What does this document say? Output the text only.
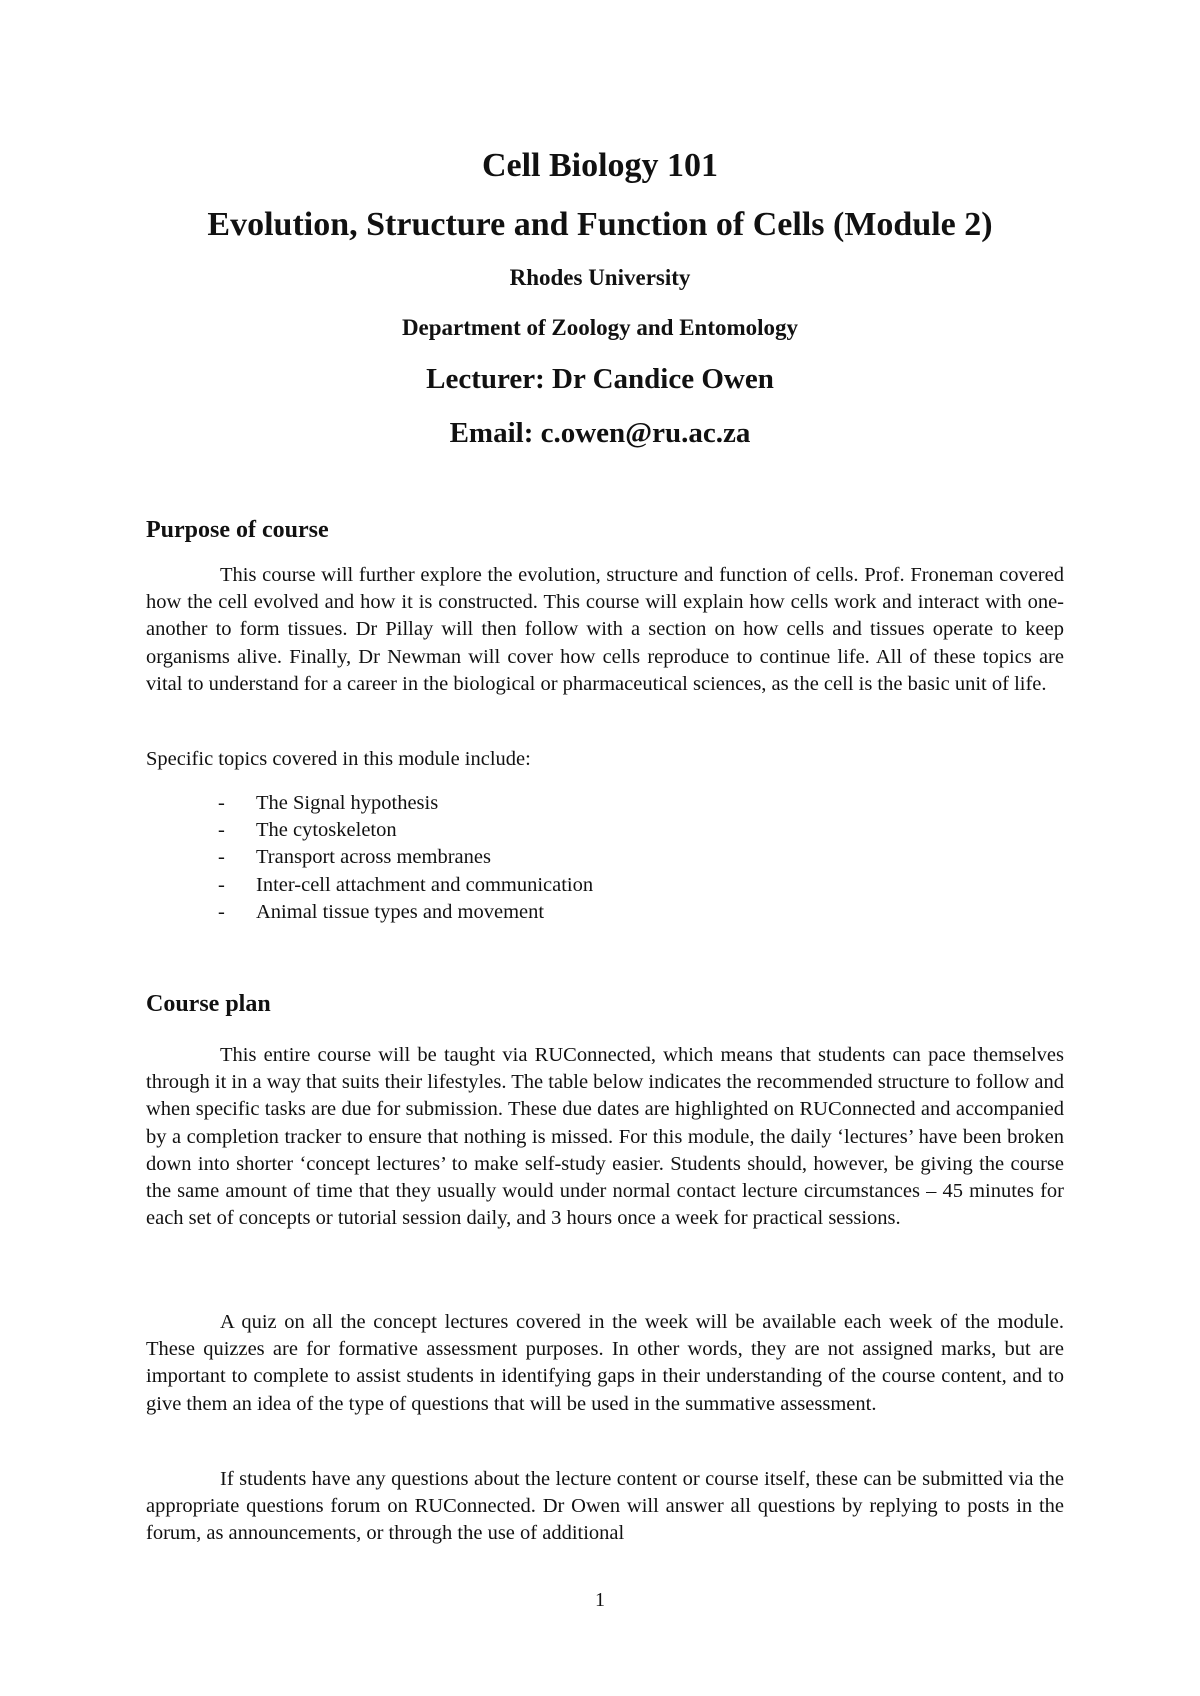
Cell Biology 101
Evolution, Structure and Function of Cells (Module 2)
Rhodes University
Department of Zoology and Entomology
Lecturer: Dr Candice Owen
Email: c.owen@ru.ac.za
Purpose of course

This course will further explore the evolution, structure and function of cells. Prof. Froneman covered how the cell evolved and how it is constructed. This course will explain how cells work and interact with one-another to form tissues. Dr Pillay will then follow with a section on how cells and tissues operate to keep organisms alive. Finally, Dr Newman will cover how cells reproduce to continue life. All of these topics are vital to understand for a career in the biological or pharmaceutical sciences, as the cell is the basic unit of life.

Specific topics covered in this module include:

- The Signal hypothesis
- The cytoskeleton
- Transport across membranes
- Inter-cell attachment and communication
- Animal tissue types and movement
Course plan

This entire course will be taught via RUConnected, which means that students can pace themselves through it in a way that suits their lifestyles. The table below indicates the recommended structure to follow and when specific tasks are due for submission. These due dates are highlighted on RUConnected and accompanied by a completion tracker to ensure that nothing is missed. For this module, the daily ‘lectures’ have been broken down into shorter ‘concept lectures’ to make self-study easier. Students should, however, be giving the course the same amount of time that they usually would under normal contact lecture circumstances – 45 minutes for each set of concepts or tutorial session daily, and 3 hours once a week for practical sessions.

A quiz on all the concept lectures covered in the week will be available each week of the module. These quizzes are for formative assessment purposes. In other words, they are not assigned marks, but are important to complete to assist students in identifying gaps in their understanding of the course content, and to give them an idea of the type of questions that will be used in the summative assessment.

If students have any questions about the lecture content or course itself, these can be submitted via the appropriate questions forum on RUConnected. Dr Owen will answer all questions by replying to posts in the forum, as announcements, or through the use of additional

1
